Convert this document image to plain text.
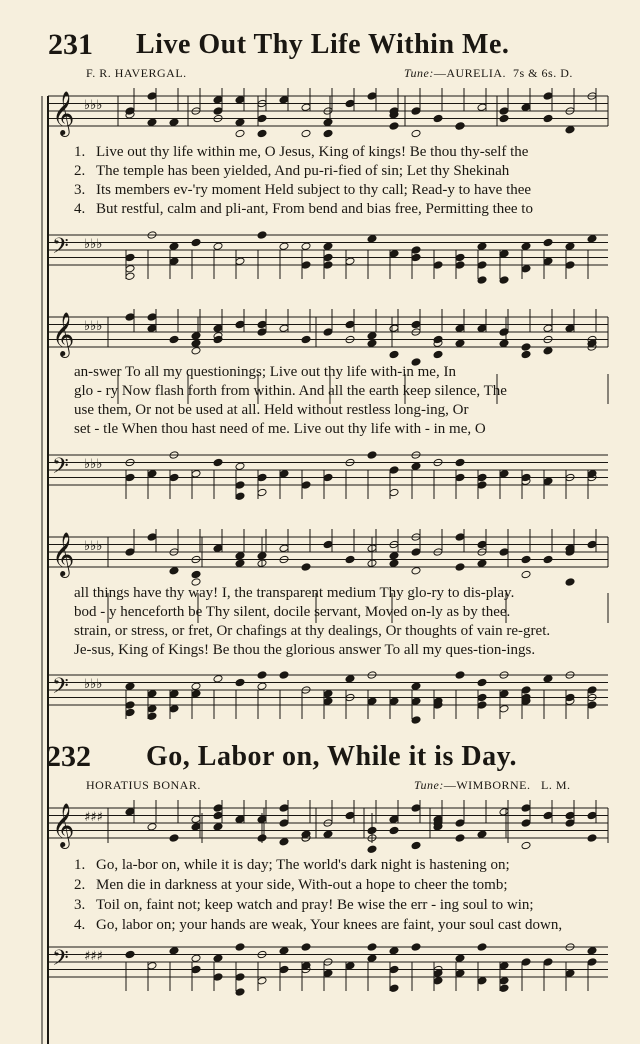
231 Live Out Thy Life Within Me.
F. R. HAVERGAL.	Tune:—AURELIA. 7s & 6s. D.
𝄞 ♭♭♭
𝄢 ♭♭♭
𝄞 ♭♭♭
𝄢 ♭♭♭
𝄞 ♭♭♭
𝄢 ♭♭♭
𝄞 ♯♯♯
𝄢 ♯♯♯
1. Live out thy life within me, O Jesus, King of kings! Be thou thy-self the
2. The temple has been yielded, And pu-ri-fied of sin; Let thy Shekinah
3. Its members ev-'ry moment Held subject to thy call; Read-y to have thee
4. But restful, calm and pli-ant, From bend and bias free, Permitting thee to
an-swer To all my questionings; Live out thy life with-in me, In
glo - ry Now flash forth from within. And all the earth keep silence, The
use them, Or not be used at all. Held without restless long-ing, Or
set - tle When thou hast need of me. Live out thy life with - in me, O
all things have thy way! I, the transparent medium Thy glo-ry to dis-play.
bod - y henceforth be Thy silent, docile servant, Moved on-ly as by thee.
strain, or stress, or fret, Or chafings at thy dealings, Or thoughts of vain re-gret.
Je-sus, King of Kings! Be thou the glorious answer To all my ques-tion-ings.
232 Go, Labor on, While it is Day.
HORATIUS BONAR.	Tune:—WIMBORNE. L. M.
1. Go, la-bor on, while it is day; The world's dark night is hastening on;
2. Men die in darkness at your side, With-out a hope to cheer the tomb;
3. Toil on, faint not; keep watch and pray! Be wise the err - ing soul to win;
4. Go, labor on; your hands are weak, Your knees are faint, your soul cast down,
